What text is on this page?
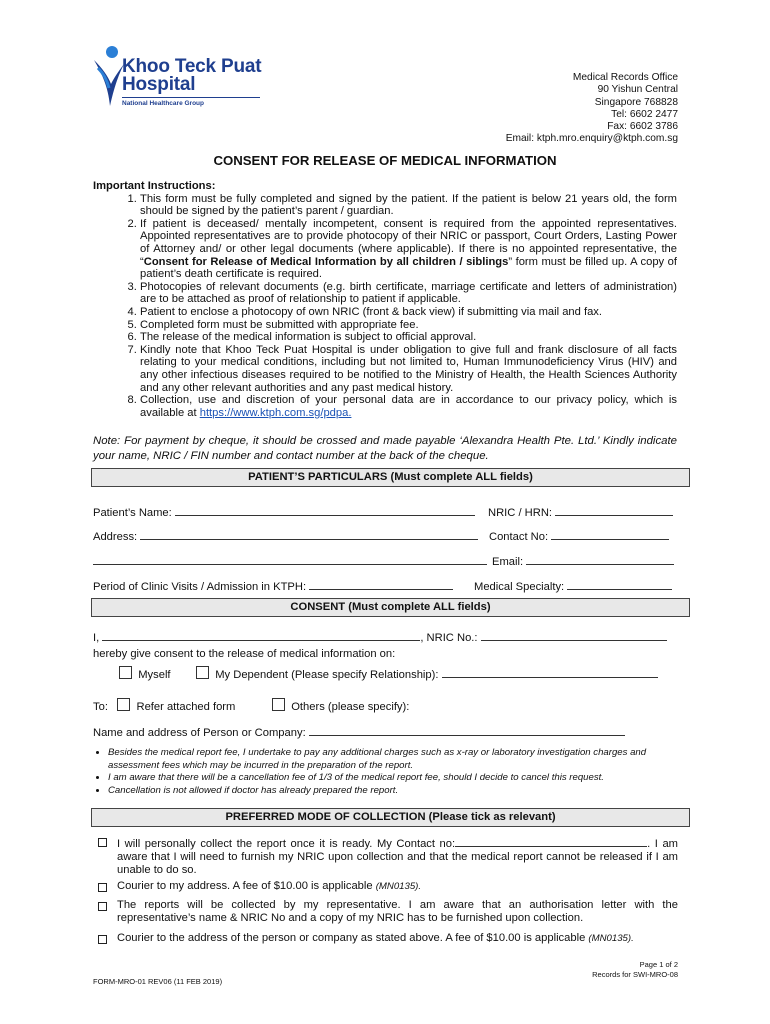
Khoo Teck Puat
Hospital
National Healthcare Group
Medical Records Office
90 Yishun Central
Singapore 768828
Tel: 6602 2477
Fax: 6602 3786
Email: ktph.mro.enquiry@ktph.com.sg
CONSENT FOR RELEASE OF MEDICAL INFORMATION
Important Instructions:
1. This form must be fully completed and signed by the patient. If the patient is below 21 years old, the form should be signed by the patient’s parent / guardian.
2. If patient is deceased/ mentally incompetent, consent is required from the appointed representatives. Appointed representatives are to provide photocopy of their NRIC or passport, Court Orders, Lasting Power of Attorney and/ or other legal documents (where applicable). If there is no appointed representative, the “Consent for Release of Medical Information by all children / siblings” form must be filled up. A copy of patient’s death certificate is required.
3. Photocopies of relevant documents (e.g. birth certificate, marriage certificate and letters of administration) are to be attached as proof of relationship to patient if applicable.
4. Patient to enclose a photocopy of own NRIC (front & back view) if submitting via mail and fax.
5. Completed form must be submitted with appropriate fee.
6. The release of the medical information is subject to official approval.
7. Kindly note that Khoo Teck Puat Hospital is under obligation to give full and frank disclosure of all facts relating to your medical conditions, including but not limited to, Human Immunodeficiency Virus (HIV) and any other infectious diseases required to be notified to the Ministry of Health, the Health Sciences Authority and any other relevant authorities and any past medical history.
8. Collection, use and discretion of your personal data are in accordance to our privacy policy, which is available at https://www.ktph.com.sg/pdpa.
Note: For payment by cheque, it should be crossed and made payable ‘Alexandra Health Pte. Ltd.’ Kindly indicate your name, NRIC / FIN number and contact number at the back of the cheque.
PATIENT’S PARTICULARS (Must complete ALL fields)
Patient’s Name:	NRIC / HRN:
Address:	Contact No:
Email:
Period of Clinic Visits / Admission in KTPH:	Medical Specialty:
CONSENT (Must complete ALL fields)
I,	, NRIC No.:
hereby give consent to the release of medical information on:
Myself	My Dependent (Please specify Relationship):
To:	Refer attached form	Others (please specify):
Name and address of Person or Company:
• Besides the medical report fee, I undertake to pay any additional charges such as x-ray or laboratory investigation charges and assessment fees which may be incurred in the preparation of the report.
• I am aware that there will be a cancellation fee of 1/3 of the medical report fee, should I decide to cancel this request.
• Cancellation is not allowed if doctor has already prepared the report.
PREFERRED MODE OF COLLECTION (Please tick as relevant)
I will personally collect the report once it is ready. My Contact no:	. I am aware that I will need to furnish my NRIC upon collection and that the medical report cannot be released if I am unable to do so.
Courier to my address. A fee of $10.00 is applicable (MN0135).
The reports will be collected by my representative. I am aware that an authorisation letter with the representative’s name & NRIC No and a copy of my NRIC has to be furnished upon collection.
Courier to the address of the person or company as stated above. A fee of $10.00 is applicable (MN0135).
Page 1 of 2
Records for SWI-MRO-08
FORM-MRO-01 REV06 (11 FEB 2019)
